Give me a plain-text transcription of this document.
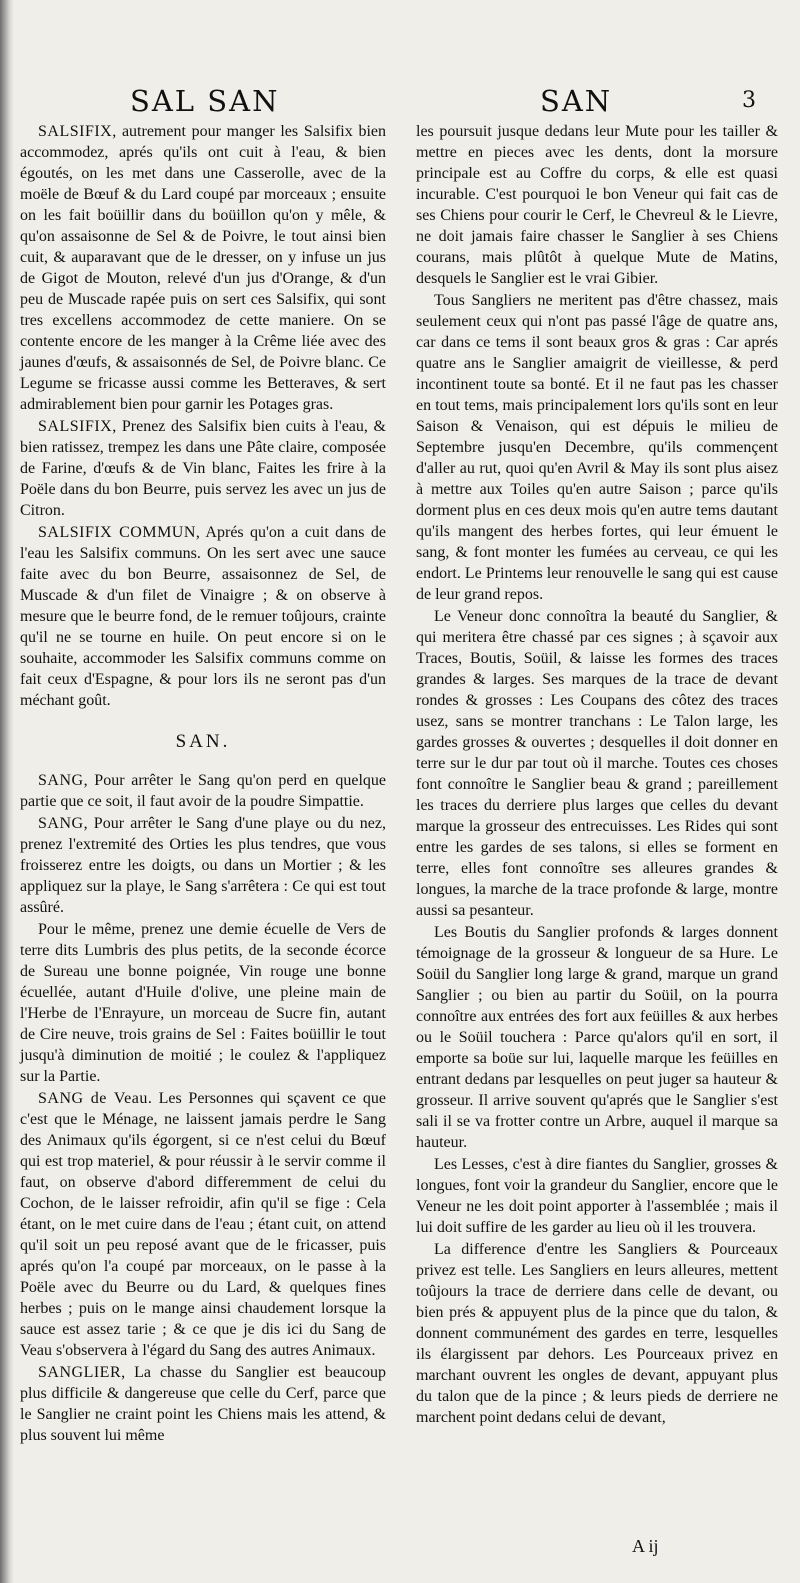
SAL SAN	SAN	3

SALSIFIX, autrement pour manger les Salsifix bien accommodez, aprés qu'ils ont cuit à l'eau, & bien égoutés, on les met dans une Casserolle, avec de la moële de Bœuf & du Lard coupé par morceaux ; ensuite on les fait boüillir dans du boüillon qu'on y mêle, & qu'on assaisonne de Sel & de Poivre, le tout ainsi bien cuit, & auparavant que de le dresser, on y infuse un jus de Gigot de Mouton, relevé d'un jus d'Orange, & d'un peu de Muscade rapée puis on sert ces Salsifix, qui sont tres excellens accommodez de cette maniere. On se contente encore de les manger à la Crême liée avec des jaunes d'œufs, & assaisonnés de Sel, de Poivre blanc. Ce Legume se fricasse aussi comme les Betteraves, & sert admirablement bien pour garnir les Potages gras.

SALSIFIX, Prenez des Salsifix bien cuits à l'eau, & bien ratissez, trempez les dans une Pâte claire, composée de Farine, d'œufs & de Vin blanc, Faites les frire à la Poële dans du bon Beurre, puis servez les avec un jus de Citron.

SALSIFIX COMMUN, Aprés qu'on a cuit dans de l'eau les Salsifix communs. On les sert avec une sauce faite avec du bon Beurre, assaisonnez de Sel, de Muscade & d'un filet de Vinaigre ; & on observe à mesure que le beurre fond, de le remuer toûjours, crainte qu'il ne se tourne en huile. On peut encore si on le souhaite, accommoder les Salsifix communs comme on fait ceux d'Espagne, & pour lors ils ne seront pas d'un méchant goût.

SAN.

SANG, Pour arrêter le Sang qu'on perd en quelque partie que ce soit, il faut avoir de la poudre Simpattie.

SANG, Pour arrêter le Sang d'une playe ou du nez, prenez l'extremité des Orties les plus tendres, que vous froisserez entre les doigts, ou dans un Mortier ; & les appliquez sur la playe, le Sang s'arrêtera : Ce qui est tout assûré.

Pour le même, prenez une demie écuelle de Vers de terre dits Lumbris des plus petits, de la seconde écorce de Sureau une bonne poignée, Vin rouge une bonne écuellée, autant d'Huile d'olive, une pleine main de l'Herbe de l'Enrayure, un morceau de Sucre fin, autant de Cire neuve, trois grains de Sel : Faites boüillir le tout jusqu'à diminution de moitié ; le coulez & l'appliquez sur la Partie.

SANG de Veau. Les Personnes qui sçavent ce que c'est que le Ménage, ne laissent jamais perdre le Sang des Animaux qu'ils égorgent, si ce n'est celui du Bœuf qui est trop materiel, & pour réussir à le servir comme il faut, on observe d'abord differemment de celui du Cochon, de le laisser refroidir, afin qu'il se fige : Cela étant, on le met cuire dans de l'eau ; étant cuit, on attend qu'il soit un peu reposé avant que de le fricasser, puis aprés qu'on l'a coupé par morceaux, on le passe à la Poële avec du Beurre ou du Lard, & quelques fines herbes ; puis on le mange ainsi chaudement lorsque la sauce est assez tarie ; & ce que je dis ici du Sang de Veau s'observera à l'égard du Sang des autres Animaux.

SANGLIER, La chasse du Sanglier est beaucoup plus difficile & dangereuse que celle du Cerf, parce que le Sanglier ne craint point les Chiens mais les attend, & plus souvent lui même

les poursuit jusque dedans leur Mute pour les tailler & mettre en pieces avec les dents, dont la morsure principale est au Coffre du corps, & elle est quasi incurable. C'est pourquoi le bon Veneur qui fait cas de ses Chiens pour courir le Cerf, le Chevreul & le Lievre, ne doit jamais faire chasser le Sanglier à ses Chiens courans, mais plûtôt à quelque Mute de Matins, desquels le Sanglier est le vrai Gibier.

Tous Sangliers ne meritent pas d'être chassez, mais seulement ceux qui n'ont pas passé l'âge de quatre ans, car dans ce tems il sont beaux gros & gras : Car aprés quatre ans le Sanglier amaigrit de vieillesse, & perd incontinent toute sa bonté. Et il ne faut pas les chasser en tout tems, mais principalement lors qu'ils sont en leur Saison & Venaison, qui est dépuis le milieu de Septembre jusqu'en Decembre, qu'ils commençent d'aller au rut, quoi qu'en Avril & May ils sont plus aisez à mettre aux Toiles qu'en autre Saison ; parce qu'ils dorment plus en ces deux mois qu'en autre tems dautant qu'ils mangent des herbes fortes, qui leur émuent le sang, & font monter les fumées au cerveau, ce qui les endort. Le Printems leur renouvelle le sang qui est cause de leur grand repos.

Le Veneur donc connoîtra la beauté du Sanglier, & qui meritera être chassé par ces signes ; à sçavoir aux Traces, Boutis, Soüil, & laisse les formes des traces grandes & larges. Ses marques de la trace de devant rondes & grosses : Les Coupans des côtez des traces usez, sans se montrer tranchans : Le Talon large, les gardes grosses & ouvertes ; desquelles il doit donner en terre sur le dur par tout où il marche. Toutes ces choses font connoître le Sanglier beau & grand ; pareillement les traces du derriere plus larges que celles du devant marque la grosseur des entrecuisses. Les Rides qui sont entre les gardes de ses talons, si elles se forment en terre, elles font connoître ses alleures grandes & longues, la marche de la trace profonde & large, montre aussi sa pesanteur.

Les Boutis du Sanglier profonds & larges donnent témoignage de la grosseur & longueur de sa Hure. Le Soüil du Sanglier long large & grand, marque un grand Sanglier ; ou bien au partir du Soüil, on la pourra connoître aux entrées des fort aux feüilles & aux herbes ou le Soüil touchera : Parce qu'alors qu'il en sort, il emporte sa boüe sur lui, laquelle marque les feüilles en entrant dedans par lesquelles on peut juger sa hauteur & grosseur. Il arrive souvent qu'aprés que le Sanglier s'est sali il se va frotter contre un Arbre, auquel il marque sa hauteur.

Les Lesses, c'est à dire fiantes du Sanglier, grosses & longues, font voir la grandeur du Sanglier, encore que le Veneur ne les doit point apporter à l'assemblée ; mais il lui doit suffire de les garder au lieu où il les trouvera.

La difference d'entre les Sangliers & Pourceaux privez est telle. Les Sangliers en leurs alleures, mettent toûjours la trace de derriere dans celle de devant, ou bien prés & appuyent plus de la pince que du talon, & donnent communément des gardes en terre, lesquelles ils élargissent par dehors. Les Pourceaux privez en marchant ouvrent les ongles de devant, appuyant plus du talon que de la pince ; & leurs pieds de derriere ne marchent point dedans celui de devant,

A ij
